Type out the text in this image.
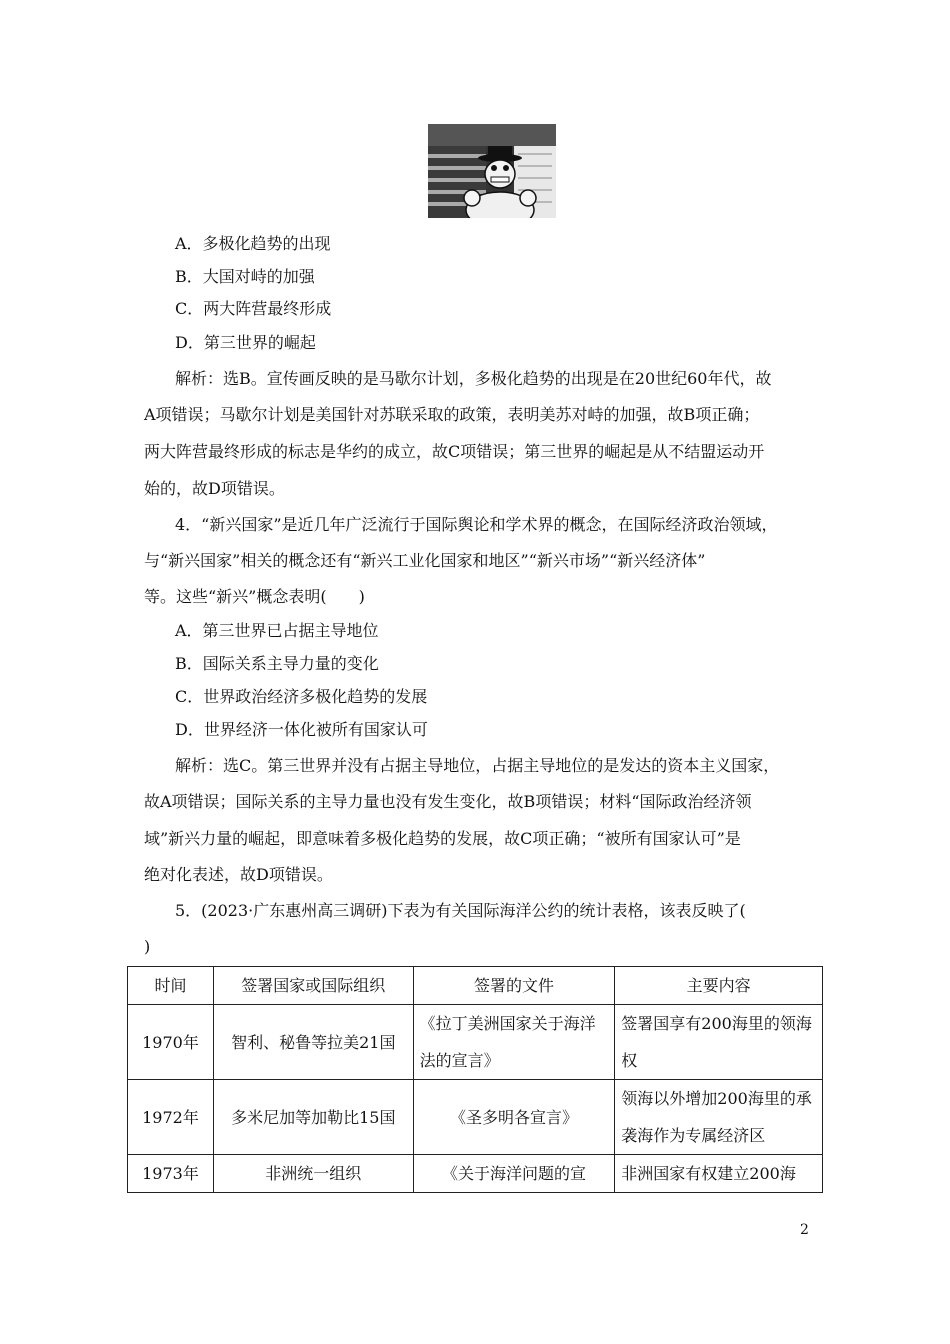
A．多极化趋势的出现
B．大国对峙的加强
C．两大阵营最终形成
D．第三世界的崛起
解析：选B。宣传画反映的是马歇尔计划，多极化趋势的出现是在20世纪60年代，故
A项错误；马歇尔计划是美国针对苏联采取的政策，表明美苏对峙的加强，故B项正确；
两大阵营最终形成的标志是华约的成立，故C项错误；第三世界的崛起是从不结盟运动开
始的，故D项错误。
4．“新兴国家”是近几年广泛流行于国际舆论和学术界的概念，在国际经济政治领域，
与“新兴国家”相关的概念还有“新兴工业化国家和地区”“新兴市场”“新兴经济体”
等。这些“新兴”概念表明(　　)
A．第三世界已占据主导地位
B．国际关系主导力量的变化
C．世界政治经济多极化趋势的发展
D．世界经济一体化被所有国家认可
解析：选C。第三世界并没有占据主导地位，占据主导地位的是发达的资本主义国家，
故A项错误；国际关系的主导力量也没有发生变化，故B项错误；材料“国际政治经济领
域”新兴力量的崛起，即意味着多极化趋势的发展，故C项正确；“被所有国家认可”是
绝对化表述，故D项错误。
5．(2023·广东惠州高三调研)下表为有关国际海洋公约的统计表格，该表反映了(
)
时间	签署国家或国际组织	签署的文件	主要内容
1970年	智利、秘鲁等拉美21国	《拉丁美洲国家关于海洋法的宣言》	签署国享有200海里的领海权
1972年	多米尼加等加勒比15国	《圣多明各宣言》	领海以外增加200海里的承袭海作为专属经济区
1973年	非洲统一组织	《关于海洋问题的宣	非洲国家有权建立200海
2
